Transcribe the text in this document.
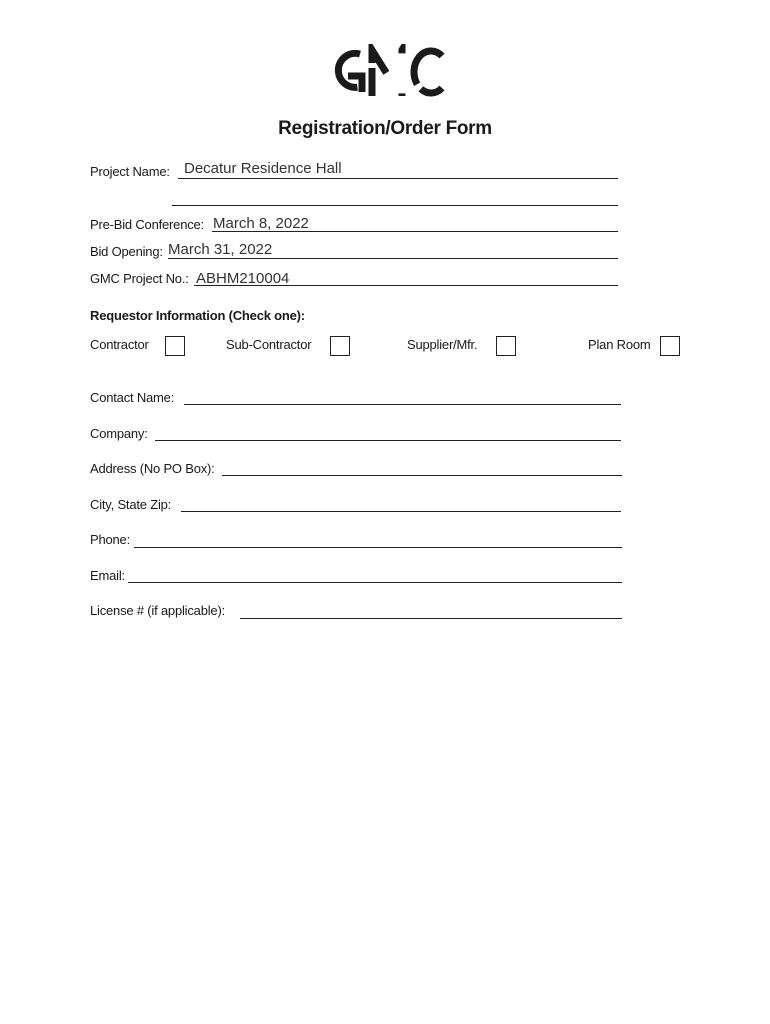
Registration/Order Form
Project Name: Decatur Residence Hall
Pre-Bid Conference: March 8, 2022
Bid Opening: March 31, 2022
GMC Project No.: ABHM210004
Requestor Information (Check one):
Contractor	Sub-Contractor	Supplier/Mfr.	Plan Room
Contact Name:
Company:
Address (No PO Box):
City, State Zip:
Phone:
Email:
License # (if applicable):
